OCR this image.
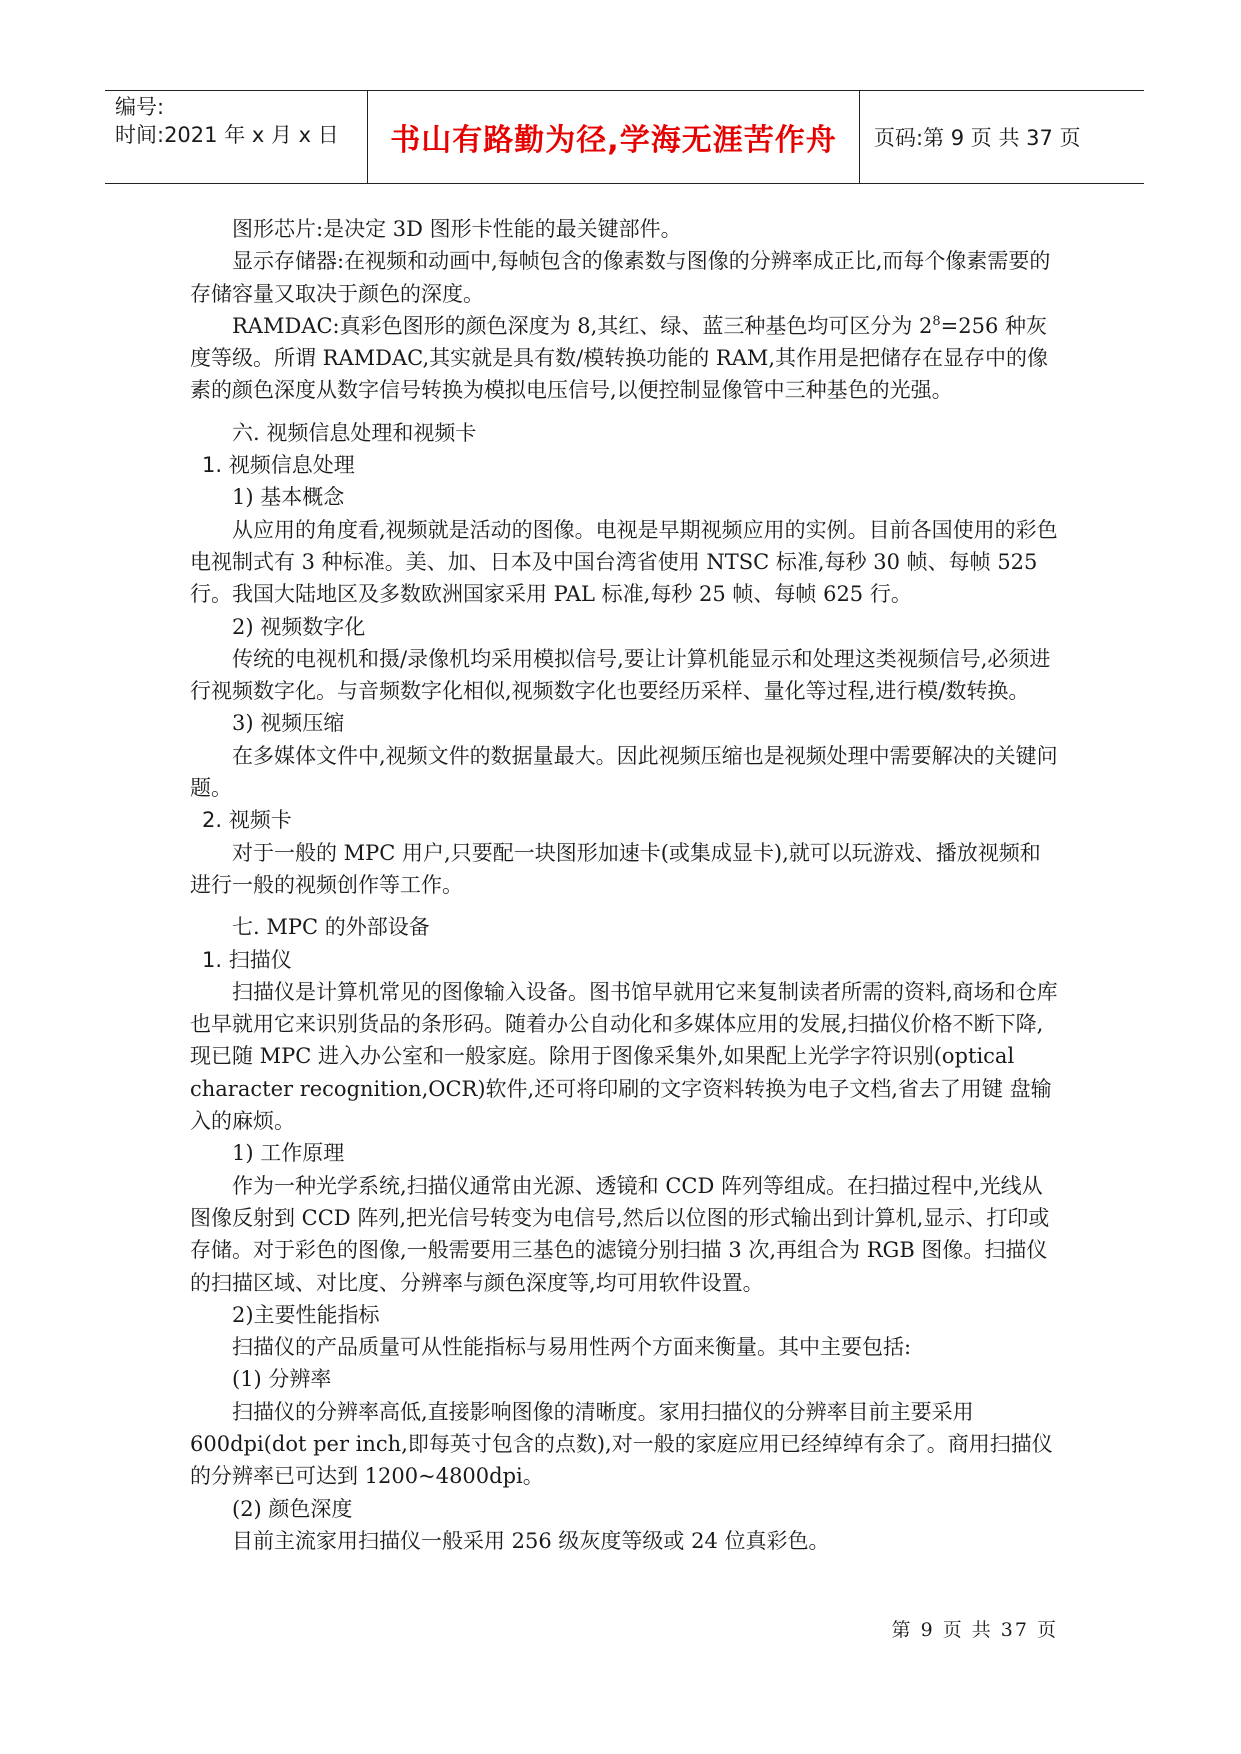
编号:
时间:2021 年 x 月 x 日	书山有路勤为径,学海无涯苦作舟	页码:第 9 页 共 37 页

图形芯片:是决定 3D 图形卡性能的最关键部件。

显示存储器:在视频和动画中,每帧包含的像素数与图像的分辨率成正比,而每个像素需要的存储容量又取决于颜色的深度。

RAMDAC:真彩色图形的颜色深度为 8,其红、绿、蓝三种基色均可区分为 $2^8=256$ 种灰度等级。所谓 RAMDAC,其实就是具有数/模转换功能的 RAM,其作用是把储存在显存中的像素的颜色深度从数字信号转换为模拟电压信号,以便控制显像管中三种基色的光强。

六. 视频信息处理和视频卡

1. 视频信息处理

1) 基本概念

从应用的角度看,视频就是活动的图像。电视是早期视频应用的实例。目前各国使用的彩色电视制式有 3 种标准。美、加、日本及中国台湾省使用 NTSC 标准,每秒 30 帧、每帧 525 行。我国大陆地区及多数欧洲国家采用 PAL 标准,每秒 25 帧、每帧 625 行。

2) 视频数字化

传统的电视机和摄/录像机均采用模拟信号,要让计算机能显示和处理这类视频信号,必须进行视频数字化。与音频数字化相似,视频数字化也要经历采样、量化等过程,进行模/数转换。

3) 视频压缩

在多媒体文件中,视频文件的数据量最大。因此视频压缩也是视频处理中需要解决的关键问题。

2. 视频卡

对于一般的 MPC 用户,只要配一块图形加速卡(或集成显卡),就可以玩游戏、播放视频和进行一般的视频创作等工作。

七. MPC 的外部设备

1. 扫描仪

扫描仪是计算机常见的图像输入设备。图书馆早就用它来复制读者所需的资料,商场和仓库也早就用它来识别货品的条形码。随着办公自动化和多媒体应用的发展,扫描仪价格不断下降,现已随 MPC 进入办公室和一般家庭。除用于图像采集外,如果配上光学字符识别(optical character recognition,OCR)软件,还可将印刷的文字资料转换为电子文档,省去了用键 盘输入的麻烦。

1) 工作原理

作为一种光学系统,扫描仪通常由光源、透镜和 CCD 阵列等组成。在扫描过程中,光线从图像反射到 CCD 阵列,把光信号转变为电信号,然后以位图的形式输出到计算机,显示、打印或存储。对于彩色的图像,一般需要用三基色的滤镜分别扫描 3 次,再组合为 RGB 图像。扫描仪的扫描区域、对比度、分辨率与颜色深度等,均可用软件设置。

2)主要性能指标

扫描仪的产品质量可从性能指标与易用性两个方面来衡量。其中主要包括:

(1) 分辨率

扫描仪的分辨率高低,直接影响图像的清晰度。家用扫描仪的分辨率目前主要采用 600dpi(dot per inch,即每英寸包含的点数),对一般的家庭应用已经绰绰有余了。商用扫描仪的分辨率已可达到 1200~4800dpi。

(2) 颜色深度

目前主流家用扫描仪一般采用 256 级灰度等级或 24 位真彩色。

第 9 页 共 37 页
